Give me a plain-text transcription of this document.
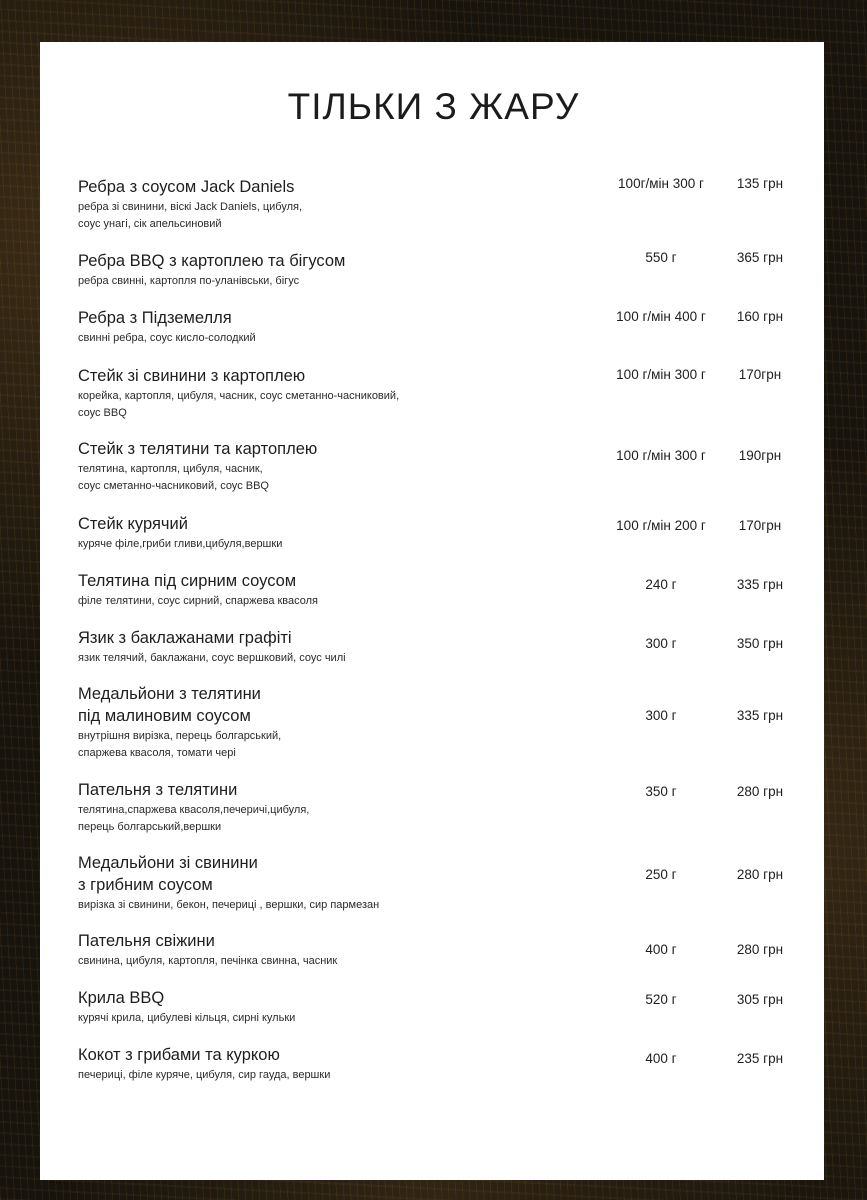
ТІЛЬКИ З ЖАРУ
Ребра з соусом Jack Daniels
ребра зі свинини, віскі Jack Daniels, цибуля,
соус унагі, сік апельсиновий
100г/мін 300 г	135 грн
Ребра BBQ з картоплею та бігусом
ребра свинні, картопля по-уланівськи, бігус
550 г	365 грн
Ребра з Підземелля
свинні ребра, соус кисло-солодкий
100 г/мін 400 г	160 грн
Стейк зі свинини з картоплею
корейка, картопля, цибуля, часник, соус сметанно-часниковий,
соус BBQ
100 г/мін 300 г	170грн
Стейк з телятини та картоплею
телятина, картопля, цибуля, часник,
соус сметанно-часниковий, соус BBQ
100 г/мін 300 г	190грн
Стейк курячий
куряче філе,гриби гливи,цибуля,вершки
100 г/мін 200 г	170грн
Телятина під сирним соусом
філе телятини, соус сирний, спаржева квасоля
240 г	335 грн
Язик з баклажанами графіті
язик телячий, баклажани, соус вершковий, соус чилі
300 г	350 грн
Медальйони з телятини
під малиновим соусом
внутрішня вирізка, перець болгарський,
спаржева квасоля, томати чері
300 г	335 грн
Пательня з телятини
телятина,спаржева квасоля,печеричі,цибуля,
перець болгарський,вершки
350 г	280 грн
Медальйони зі свинини
з грибним соусом
вирізка зі свинини, бекон, печериці , вершки, сир пармезан
250 г	280 грн
Пательня свіжини
свинина, цибуля, картопля, печінка свинна, часник
400 г	280 грн
Крила BBQ
курячі крила, цибулеві кільця, сирні кульки
520 г	305 грн
Кокот з грибами та куркою
печериці, філе куряче, цибуля, сир гауда, вершки
400 г	235 грн
